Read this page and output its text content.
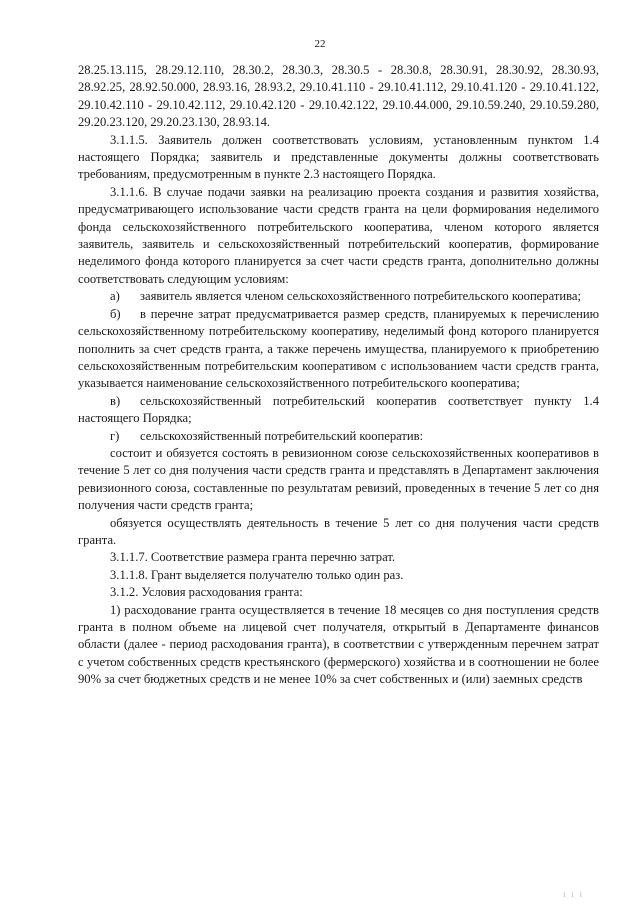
22

28.25.13.115, 28.29.12.110, 28.30.2, 28.30.3, 28.30.5 - 28.30.8, 28.30.91, 28.30.92, 28.30.93, 28.92.25, 28.92.50.000, 28.93.16, 28.93.2, 29.10.41.110 - 29.10.41.112, 29.10.41.120 - 29.10.41.122, 29.10.42.110 - 29.10.42.112, 29.10.42.120 - 29.10.42.122, 29.10.44.000, 29.10.59.240, 29.10.59.280, 29.20.23.120, 29.20.23.130, 28.93.14.

3.1.1.5. Заявитель должен соответствовать условиям, установленным пунктом 1.4 настоящего Порядка; заявитель и представленные документы должны соответствовать требованиям, предусмотренным в пункте 2.3 настоящего Порядка.

3.1.1.6. В случае подачи заявки на реализацию проекта создания и развития хозяйства, предусматривающего использование части средств гранта на цели формирования неделимого фонда сельскохозяйственного потребительского кооператива, членом которого является заявитель, заявитель и сельскохозяйственный потребительский кооператив, формирование неделимого фонда которого планируется за счет части средств гранта, дополнительно должны соответствовать следующим условиям:

а) заявитель является членом сельскохозяйственного потребительского кооператива;

б) в перечне затрат предусматривается размер средств, планируемых к перечислению сельскохозяйственному потребительскому кооперативу, неделимый фонд которого планируется пополнить за счет средств гранта, а также перечень имущества, планируемого к приобретению сельскохозяйственным потребительским кооперативом с использованием части средств гранта, указывается наименование сельскохозяйственного потребительского кооператива;

в) сельскохозяйственный потребительский кооператив соответствует пункту 1.4 настоящего Порядка;

г) сельскохозяйственный потребительский кооператив:

состоит и обязуется состоять в ревизионном союзе сельскохозяйственных кооперативов в течение 5 лет со дня получения части средств гранта и представлять в Департамент заключения ревизионного союза, составленные по результатам ревизий, проведенных в течение 5 лет со дня получения части средств гранта;

обязуется осуществлять деятельность в течение 5 лет со дня получения части средств гранта.

3.1.1.7. Соответствие размера гранта перечню затрат.

3.1.1.8. Грант выделяется получателю только один раз.

3.1.2. Условия расходования гранта:

1) расходование гранта осуществляется в течение 18 месяцев со дня поступления средств гранта в полном объеме на лицевой счет получателя, открытый в Департаменте финансов области (далее - период расходования гранта), в соответствии с утвержденным перечнем затрат с учетом собственных средств крестьянского (фермерского) хозяйства и в соотношении не более 90% за счет бюджетных средств и не менее 10% за счет собственных и (или) заемных средств

і і і
